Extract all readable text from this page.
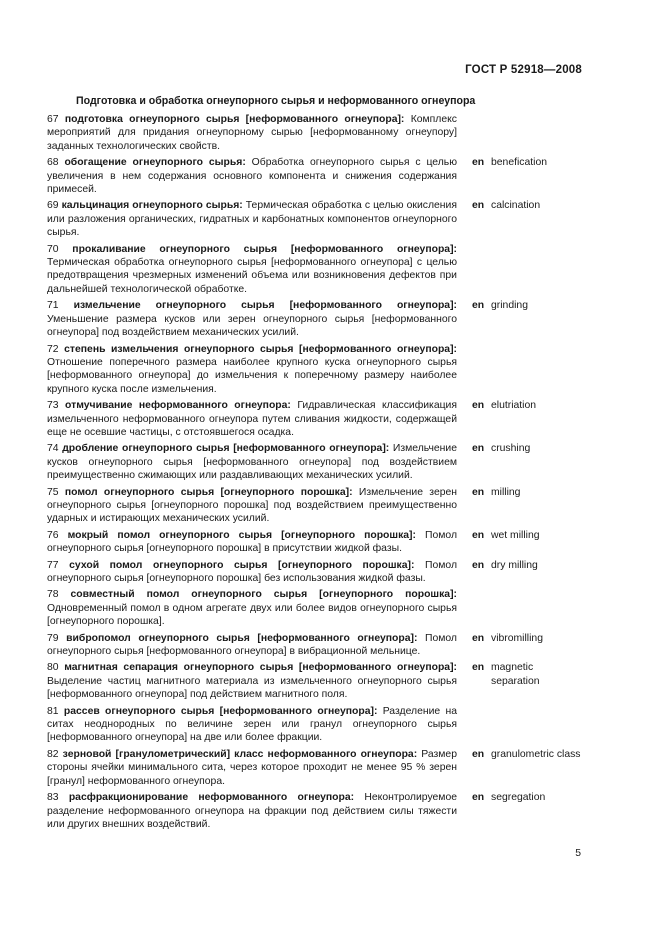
ГОСТ Р 52918—2008
Подготовка и обработка огнеупорного сырья и неформованного огнеупора
67 подготовка огнеупорного сырья [неформованного огнеупора]: Комплекс мероприятий для придания огнеупорному сырью [неформованному огнеупору] заданных технологических свойств.
68 обогащение огнеупорного сырья: Обработка огнеупорного сырья с целью увеличения в нем содержания основного компонента и снижения содержания примесей.
en benefication
69 кальцинация огнеупорного сырья: Термическая обработка с целью окисления или разложения органических, гидратных и карбонатных компонентов огнеупорного сырья.
en calcination
70 прокаливание огнеупорного сырья [неформованного огнеупора]: Термическая обработка огнеупорного сырья [неформованного огнеупора] с целью предотвращения чрезмерных изменений объема или возникновения дефектов при дальнейшей технологической обработке.
71 измельчение огнеупорного сырья [неформованного огнеупора]: Уменьшение размера кусков или зерен огнеупорного сырья [неформованного огнеупора] под воздействием механических усилий.
en grinding
72 степень измельчения огнеупорного сырья [неформованного огнеупора]: Отношение поперечного размера наиболее крупного куска огнеупорного сырья [неформованного огнеупора] до измельчения к поперечному размеру наиболее крупного куска после измельчения.
73 отмучивание неформованного огнеупора: Гидравлическая классификация измельченного неформованного огнеупора путем сливания жидкости, содержащей еще не осевшие частицы, с отстоявшегося осадка.
en elutriation
74 дробление огнеупорного сырья [неформованного огнеупора]: Измельчение кусков огнеупорного сырья [неформованного огнеупора] под воздействием преимущественно сжимающих или раздавливающих механических усилий.
en crushing
75 помол огнеупорного сырья [огнеупорного порошка]: Измельчение зерен огнеупорного сырья [огнеупорного порошка] под воздействием преимущественно ударных и истирающих механических усилий.
en milling
76 мокрый помол огнеупорного сырья [огнеупорного порошка]: Помол огнеупорного сырья [огнеупорного порошка] в присутствии жидкой фазы.
en wet milling
77 сухой помол огнеупорного сырья [огнеупорного порошка]: Помол огнеупорного сырья [огнеупорного порошка] без использования жидкой фазы.
en dry milling
78 совместный помол огнеупорного сырья [огнеупорного порошка]: Одновременный помол в одном агрегате двух или более видов огнеупорного сырья [огнеупорного порошка].
79 вибропомол огнеупорного сырья [неформованного огнеупора]: Помол огнеупорного сырья [неформованного огнеупора] в вибрационной мельнице.
en vibromilling
80 магнитная сепарация огнеупорного сырья [неформованного огнеупора]: Выделение частиц магнитного материала из измельченного огнеупорного сырья [неформованного огнеупора] под действием магнитного поля.
en magnetic separation
81 рассев огнеупорного сырья [неформованного огнеупора]: Разделение на ситах неоднородных по величине зерен или гранул огнеупорного сырья [неформованного огнеупора] на две или более фракции.
82 зерновой [гранулометрический] класс неформованного огнеупора: Размер стороны ячейки минимального сита, через которое проходит не менее 95 % зерен [гранул] неформованного огнеупора.
en granulometric class
83 расфракционирование неформованного огнеупора: Неконтролируемое разделение неформованного огнеупора на фракции под действием силы тяжести или других внешних воздействий.
en segregation
5
